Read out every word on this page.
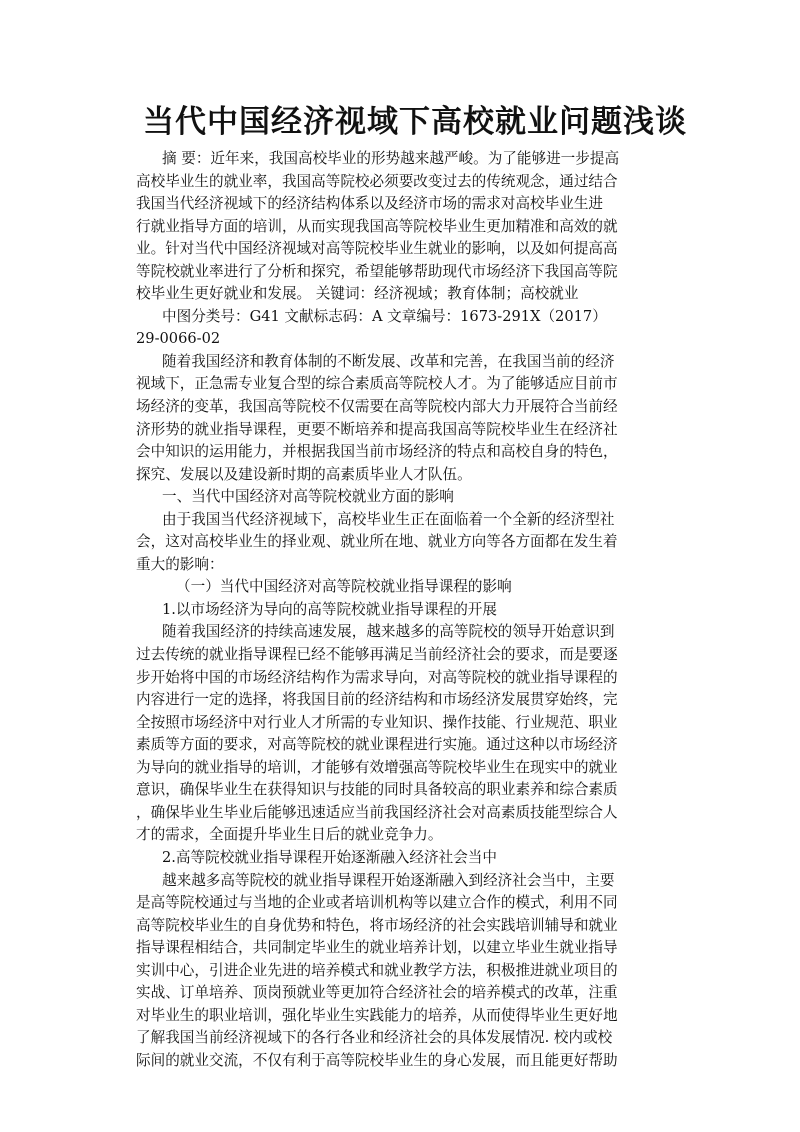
当代中国经济视域下高校就业问题浅谈
摘 要：近年来，我国高校毕业的形势越来越严峻。为了能够进一步提高
高校毕业生的就业率，我国高等院校必须要改变过去的传统观念，通过结合
我国当代经济视域下的经济结构体系以及经济市场的需求对高校毕业生进
行就业指导方面的培训，从而实现我国高等院校毕业生更加精准和高效的就
业。针对当代中国经济视域对高等院校毕业生就业的影响，以及如何提高高
等院校就业率进行了分析和探究，希望能够帮助现代市场经济下我国高等院
校毕业生更好就业和发展。 关键词：经济视域；教育体制；高校就业
中图分类号：G41 文献标志码：A 文章编号：1673-291X（2017）
29-0066-02
随着我国经济和教育体制的不断发展、改革和完善，在我国当前的经济
视域下，正急需专业复合型的综合素质高等院校人才。为了能够适应目前市
场经济的变革，我国高等院校不仅需要在高等院校内部大力开展符合当前经
济形势的就业指导课程，更要不断培养和提高我国高等院校毕业生在经济社
会中知识的运用能力，并根据我国当前市场经济的特点和高校自身的特色，
探究、发展以及建设新时期的高素质毕业人才队伍。
一、当代中国经济对高等院校就业方面的影响
由于我国当代经济视域下，高校毕业生正在面临着一个全新的经济型社
会，这对高校毕业生的择业观、就业所在地、就业方向等各方面都在发生着
重大的影响：
（一）当代中国经济对高等院校就业指导课程的影响
1.以市场经济为导向的高等院校就业指导课程的开展
随着我国经济的持续高速发展，越来越多的高等院校的领导开始意识到
过去传统的就业指导课程已经不能够再满足当前经济社会的要求，而是要逐
步开始将中国的市场经济结构作为需求导向，对高等院校的就业指导课程的
内容进行一定的选择，将我国目前的经济结构和市场经济发展贯穿始终，完
全按照市场经济中对行业人才所需的专业知识、操作技能、行业规范、职业
素质等方面的要求，对高等院校的就业课程进行实施。通过这种以市场经济
为导向的就业指导的培训，才能够有效增强高等院校毕业生在现实中的就业
意识，确保毕业生在获得知识与技能的同时具备较高的职业素养和综合素质
，确保毕业生毕业后能够迅速适应当前我国经济社会对高素质技能型综合人
才的需求，全面提升毕业生日后的就业竞争力。
2.高等院校就业指导课程开始逐渐融入经济社会当中
越来越多高等院校的就业指导课程开始逐渐融入到经济社会当中，主要
是高等院校通过与当地的企业或者培训机构等以建立合作的模式，利用不同
高等院校毕业生的自身优势和特色，将市场经济的社会实践培训辅导和就业
指导课程相结合，共同制定毕业生的就业培养计划，以建立毕业生就业指导
实训中心，引进企业先进的培养模式和就业教学方法，积极推进就业项目的
实战、订单培养、顶岗预就业等更加符合经济社会的培养模式的改革，注重
对毕业生的职业培训，强化毕业生实践能力的培养，从而使得毕业生更好地
了解我国当前经济视域下的各行各业和经济社会的具体发展情况. 校内或校
际间的就业交流，不仅有利于高等院校毕业生的身心发展，而且能更好帮助
